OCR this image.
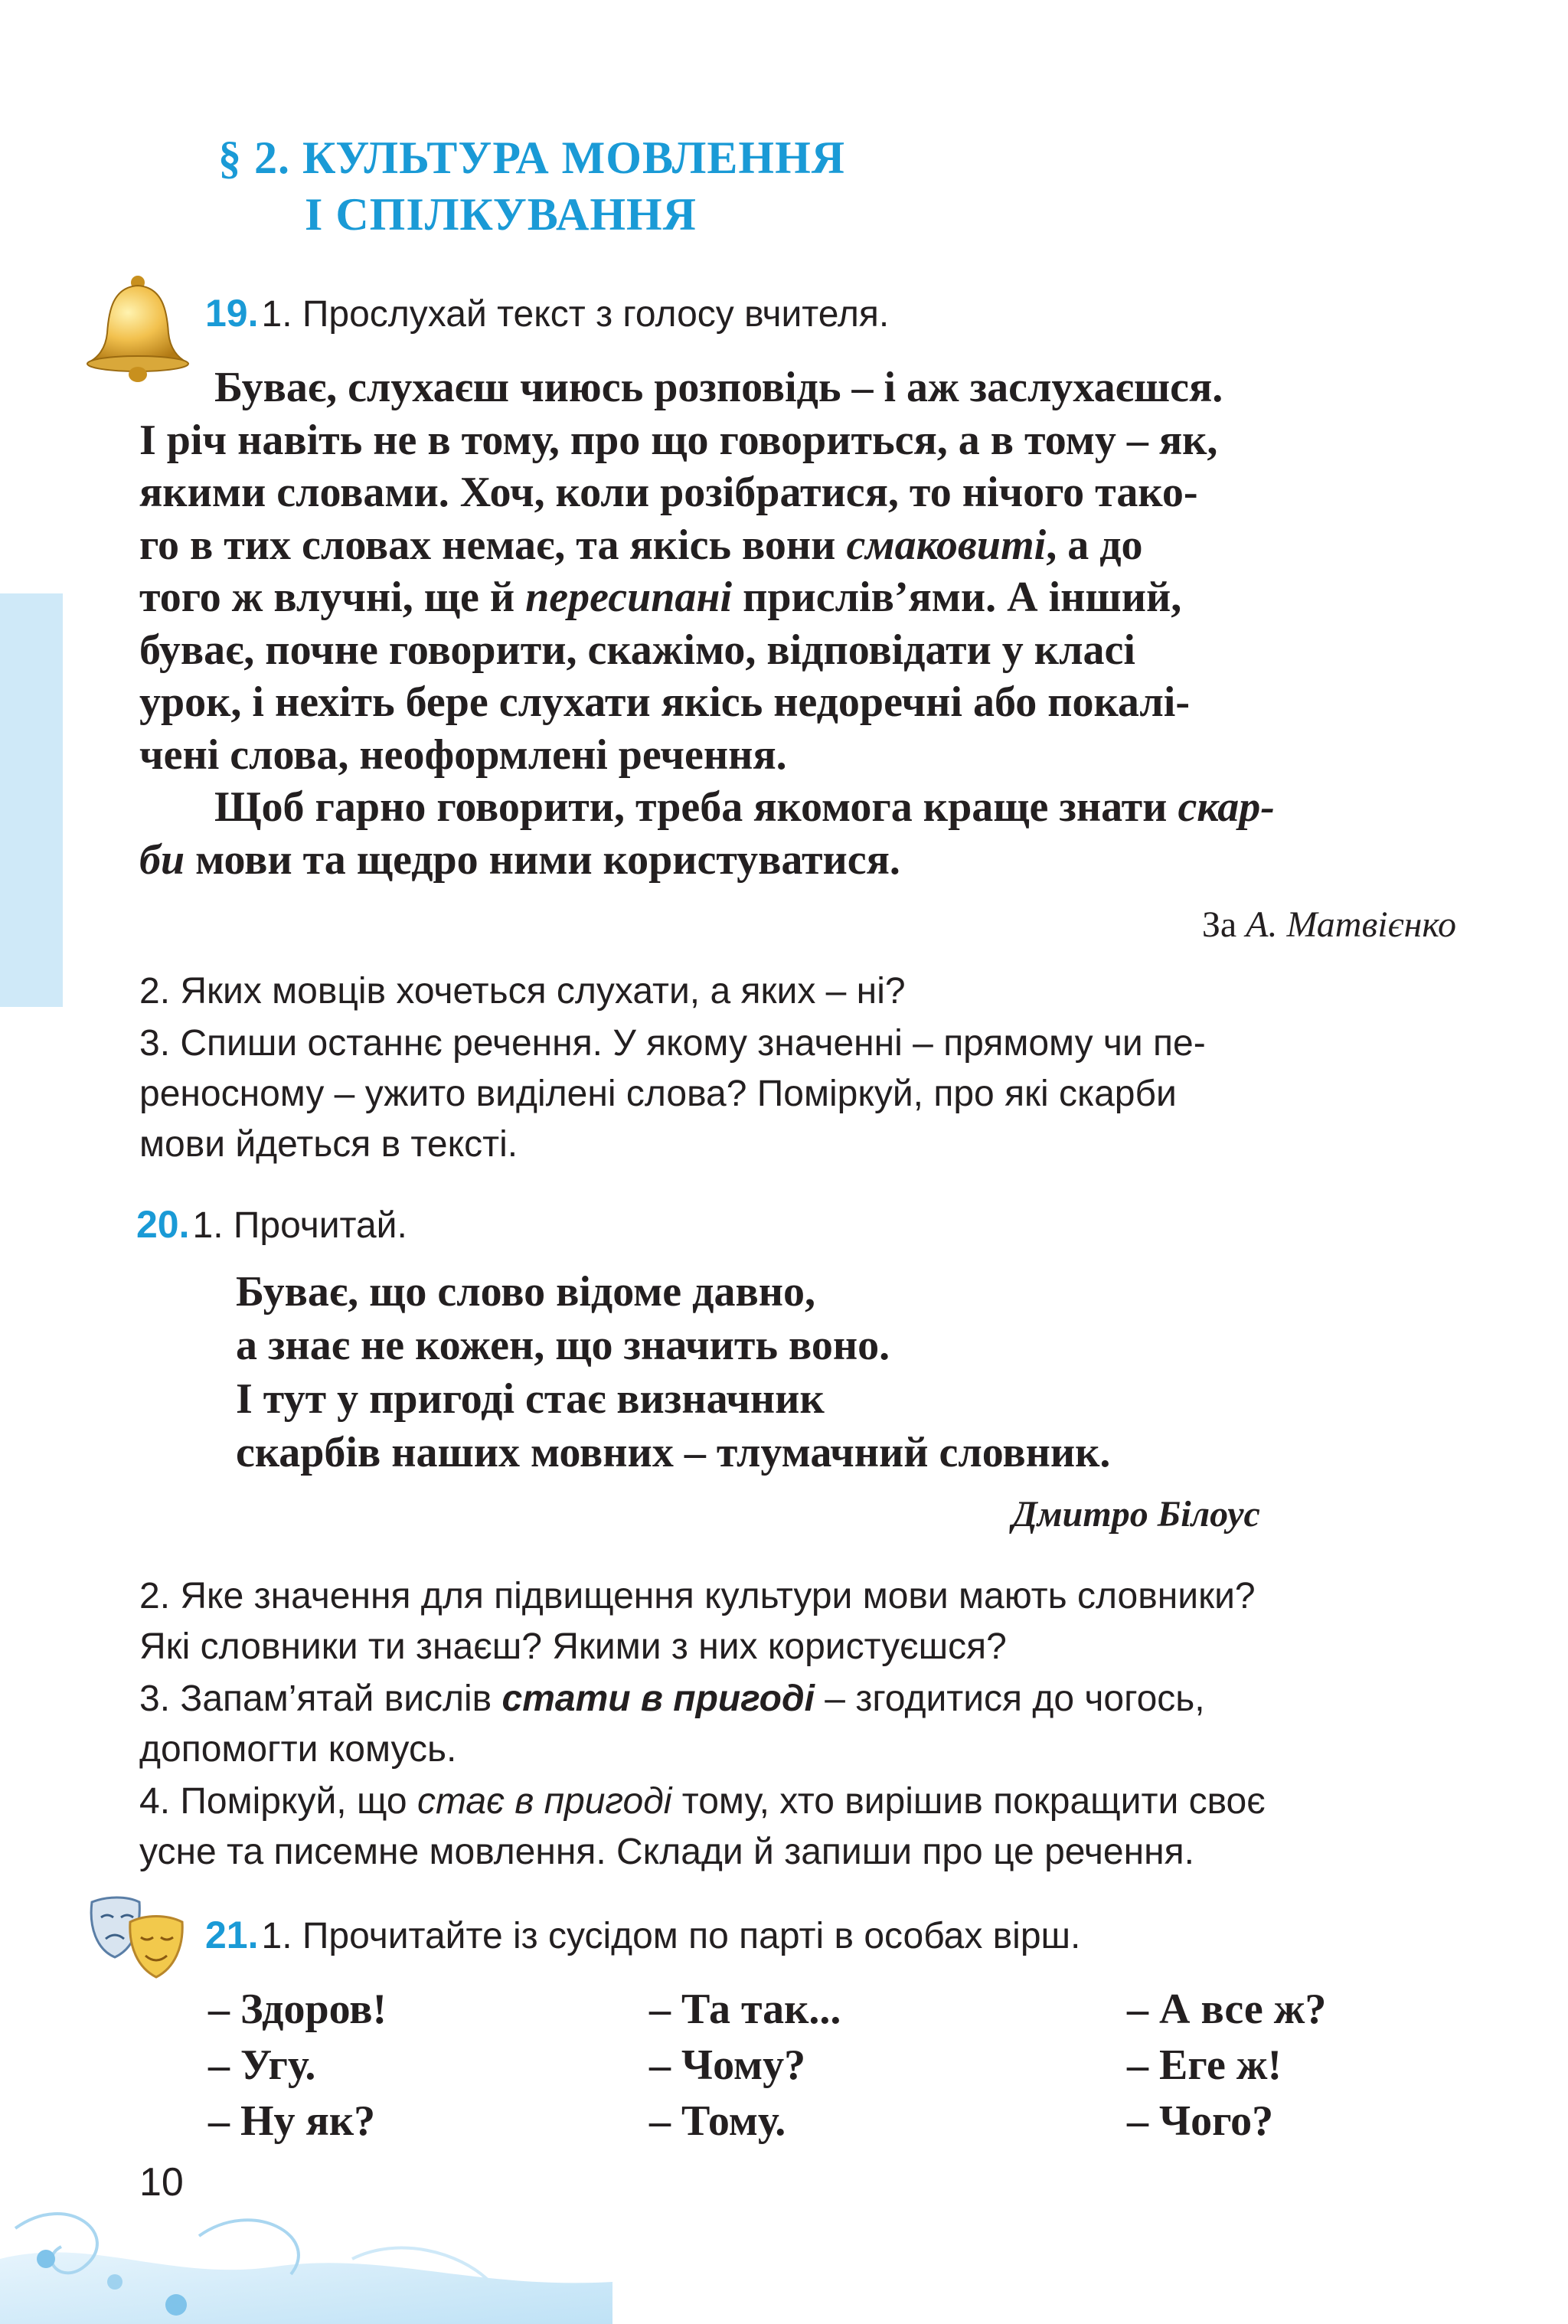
§ 2. КУЛЬТУРА МОВЛЕННЯ
І СПІЛКУВАННЯ
19. 1. Прослухай текст з голосу вчителя.
Буває, слухаєш чиюсь розповідь – і аж заслухаєшся.
І річ навіть не в тому, про що говориться, а в тому – як,
якими словами. Хоч, коли розібратися, то нічого тако-
го в тих словах немає, та якісь вони смаковиті, а до
того ж влучні, ще й пересипані прислів’ями. А інший,
буває, почне говорити, скажімо, відповідати у класі
урок, і нехіть бере слухати якісь недоречні або покалі-
чені слова, неоформлені речення.
Щоб гарно говорити, треба якомога краще знати скар-
би мови та щедро ними користуватися.
За А. Матвієнко
2. Яких мовців хочеться слухати, а яких – ні?
3. Спиши останнє речення. У якому значенні – прямому чи пе-
реносному – ужито виділені слова? Поміркуй, про які скарби
мови йдеться в тексті.
20. 1. Прочитай.
Буває, що слово відоме давно,
а знає не кожен, що значить воно.
І тут у пригоді стає визначник
скарбів наших мовних – тлумачний словник.
Дмитро Білоус
2. Яке значення для підвищення культури мови мають словники?
Які словники ти знаєш? Якими з них користуєшся?
3. Запам’ятай вислів стати в пригоді – згодитися до чогось,
допомогти комусь.
4. Поміркуй, що стає в пригоді тому, хто вирішив покращити своє
усне та писемне мовлення. Склади й запиши про це речення.
21. 1. Прочитайте із сусідом по парті в особах вірш.
– Здоров!
– Угу.
– Ну як?
– Та так...
– Чому?
– Тому.
– А все ж?
– Еге ж!
– Чого?
10
